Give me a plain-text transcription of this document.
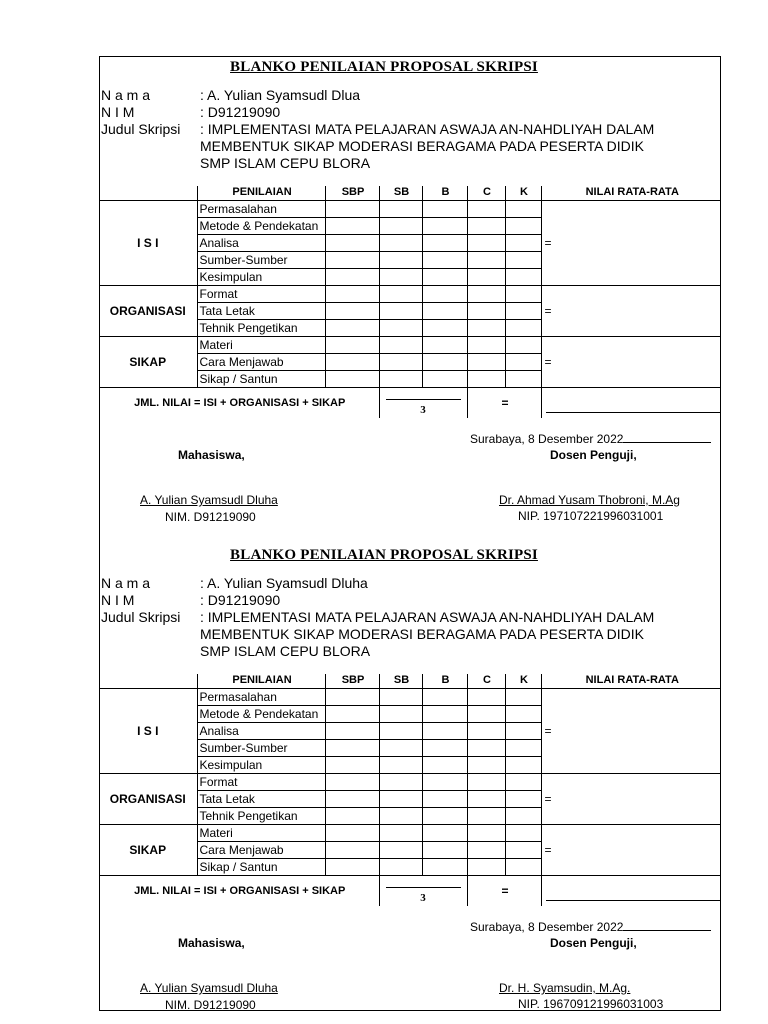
BLANKO PENILAIAN PROPOSAL SKRIPSI
N a m a	: A. Yulian Syamsudl Dlua
N I M	: D91219090
Judul Skripsi : IMPLEMENTASI MATA PELAJARAN ASWAJA AN-NAHDLIYAH DALAM
MEMBENTUK SIKAP MODERASI BERAGAMA PADA PESERTA DIDIK
SMP ISLAM CEPU BLORA
	PENILAIAN	SBP	SB	B	C	K	NILAI RATA-RATA
I S I	Permasalahan						=
	Metode & Pendekatan						
	Analisa						
	Sumber-Sumber						
	Kesimpulan						
ORGANISASI	Format						=
	Tata Letak						
	Tehnik Pengetikan						
SIKAP	Materi						=
	Cara Menjawab						
	Sikap / Santun						
JML. NILAI = ISI + ORGANISASI + SIKAP			3		=		
Surabaya, 8 Desember 2022
Mahasiswa,	Dosen Penguji,
A. Yulian Syamsudl Dluha
NIM. D91219090
Dr. Ahmad Yusam Thobroni, M.Ag
NIP. 197107221996031001
BLANKO PENILAIAN PROPOSAL SKRIPSI
N a m a	: A. Yulian Syamsudl Dluha
N I M	: D91219090
Judul Skripsi : IMPLEMENTASI MATA PELAJARAN ASWAJA AN-NAHDLIYAH DALAM
MEMBENTUK SIKAP MODERASI BERAGAMA PADA PESERTA DIDIK
SMP ISLAM CEPU BLORA
	PENILAIAN	SBP	SB	B	C	K	NILAI RATA-RATA
I S I	Permasalahan						=
	Metode & Pendekatan						
	Analisa						
	Sumber-Sumber						
	Kesimpulan						
ORGANISASI	Format						=
	Tata Letak						
	Tehnik Pengetikan						
SIKAP	Materi						=
	Cara Menjawab						
	Sikap / Santun						
JML. NILAI = ISI + ORGANISASI + SIKAP			3		=		
Surabaya, 8 Desember 2022
Mahasiswa,	Dosen Penguji,
A. Yulian Syamsudl Dluha
NIM. D91219090
Dr. H. Syamsudin, M.Ag.
NIP. 196709121996031003
